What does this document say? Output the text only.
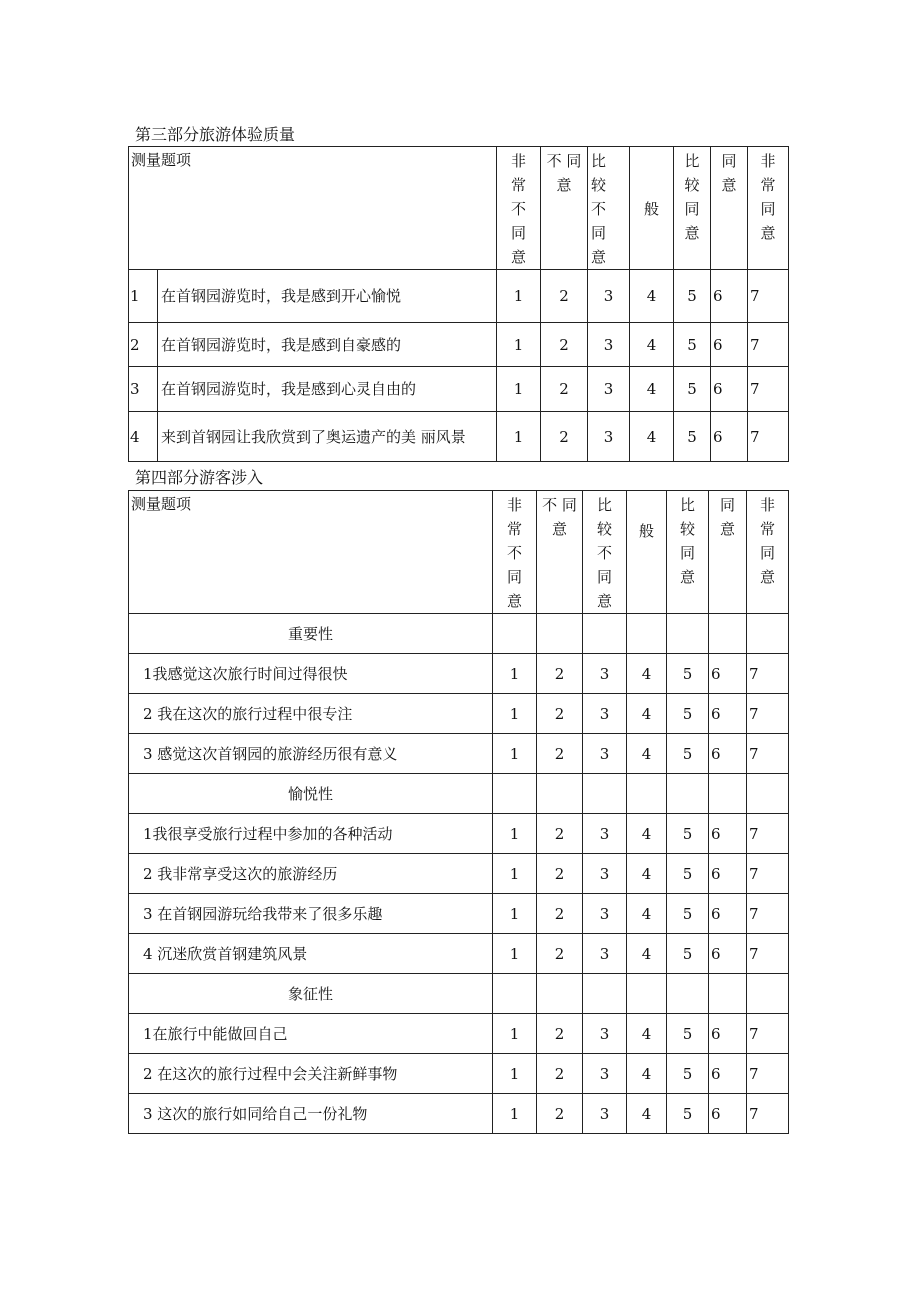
第三部分旅游体验质量
测量题项		非常不同意	不 同 意	比较不同意	般	比较同意	同 意	非常同意
1	在首钢园游览时，我是感到开心愉悦	1	2	3	4	5	6	7
2	在首钢园游览时，我是感到自豪感的	1	2	3	4	5	6	7
3	在首钢园游览时，我是感到心灵自由的	1	2	3	4	5	6	7
4	来到首钢园让我欣赏到了奥运遗产的美 丽风景	1	2	3	4	5	6	7
第四部分游客涉入
测量题项	非常不同意	不 同 意	比较不同意	般	比较同意	同 意	非常同意
重要性							
1我感觉这次旅行时间过得很快	1	2	3	4	5	6	7
2 我在这次的旅行过程中很专注	1	2	3	4	5	6	7
3 感觉这次首钢园的旅游经历很有意义	1	2	3	4	5	6	7
愉悦性							
1我很享受旅行过程中参加的各种活动	1	2	3	4	5	6	7
2 我非常享受这次的旅游经历	1	2	3	4	5	6	7
3 在首钢园游玩给我带来了很多乐趣	1	2	3	4	5	6	7
4 沉迷欣赏首钢建筑风景	1	2	3	4	5	6	7
象征性							
1在旅行中能做回自己	1	2	3	4	5	6	7
2 在这次的旅行过程中会关注新鲜事物	1	2	3	4	5	6	7
3 这次的旅行如同给自己一份礼物	1	2	3	4	5	6	7
